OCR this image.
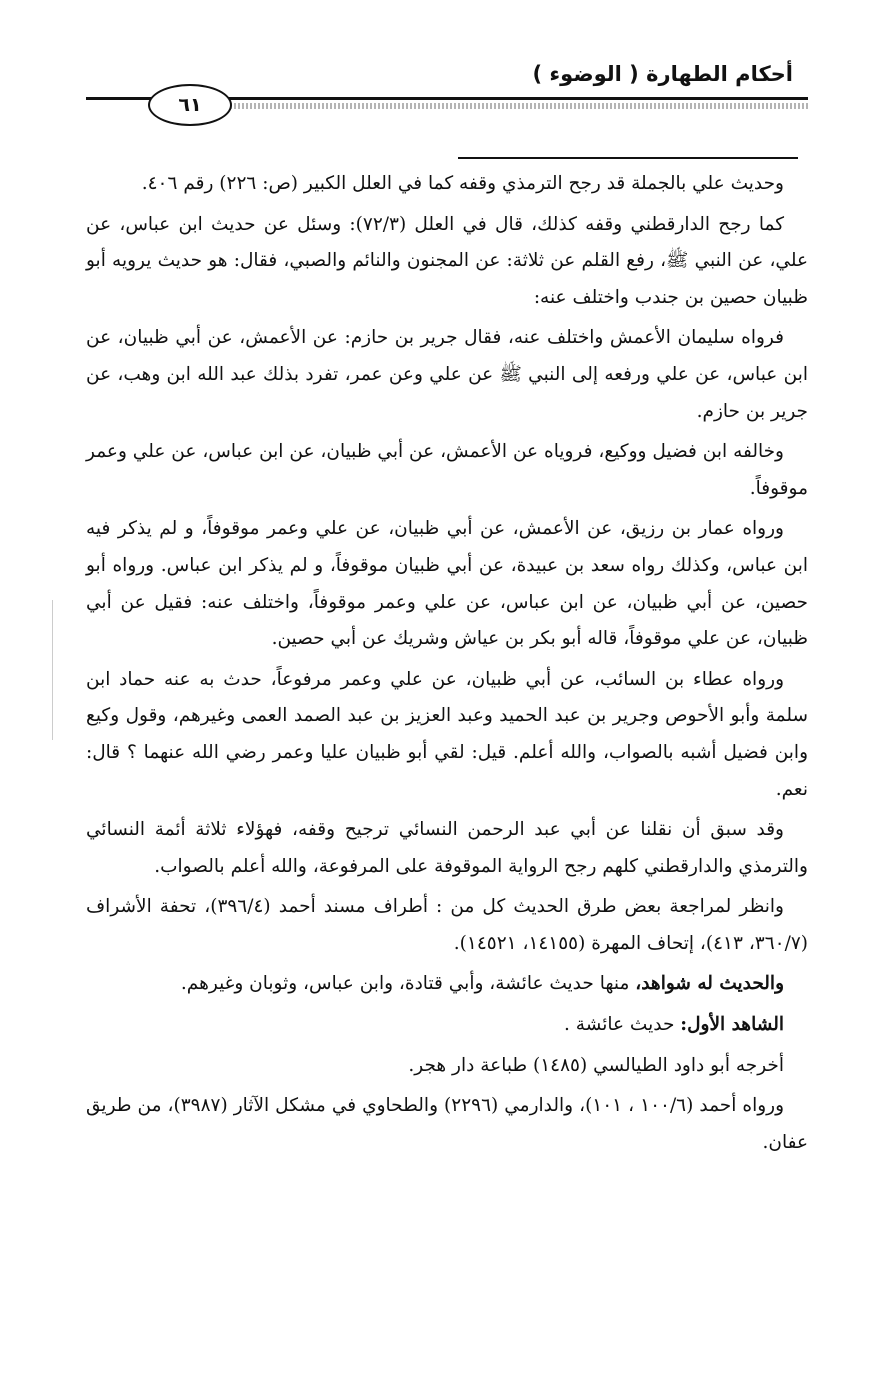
أحكام الطهارة ( الوضوء )
٦١

وحديث علي بالجملة قد رجح الترمذي وقفه كما في العلل الكبير (ص: ٢٢٦) رقم ٤٠٦.

كما رجح الدارقطني وقفه كذلك، قال في العلل (٧٢/٣): وسئل عن حديث ابن عباس، عن علي، عن النبي ﷺ، رفع القلم عن ثلاثة: عن المجنون والنائم والصبي، فقال: هو حديث يرويه أبو ظبيان حصين بن جندب واختلف عنه:

فرواه سليمان الأعمش واختلف عنه، فقال جرير بن حازم: عن الأعمش، عن أبي ظبيان، عن ابن عباس، عن علي ورفعه إلى النبي ﷺ عن علي وعن عمر، تفرد بذلك عبد الله ابن وهب، عن جرير بن حازم.

وخالفه ابن فضيل ووكيع، فروياه عن الأعمش، عن أبي ظبيان، عن ابن عباس، عن علي وعمر موقوفاً.

ورواه عمار بن رزيق، عن الأعمش، عن أبي ظبيان، عن علي وعمر موقوفاً، و لم يذكر فيه ابن عباس، وكذلك رواه سعد بن عبيدة، عن أبي ظبيان موقوفاً، و لم يذكر ابن عباس. ورواه أبو حصين، عن أبي ظبيان، عن ابن عباس، عن علي وعمر موقوفاً، واختلف عنه: فقيل عن أبي ظبيان، عن علي موقوفاً، قاله أبو بكر بن عياش وشريك عن أبي حصين.

ورواه عطاء بن السائب، عن أبي ظبيان، عن علي وعمر مرفوعاً، حدث به عنه حماد ابن سلمة وأبو الأحوص وجرير بن عبد الحميد وعبد العزيز بن عبد الصمد العمى وغيرهم، وقول وكيع وابن فضيل أشبه بالصواب، والله أعلم. قيل: لقي أبو ظبيان عليا وعمر رضي الله عنهما ؟ قال: نعم.

وقد سبق أن نقلنا عن أبي عبد الرحمن النسائي ترجيح وقفه، فهؤلاء ثلاثة أئمة النسائي والترمذي والدارقطني كلهم رجح الرواية الموقوفة على المرفوعة، والله أعلم بالصواب.

وانظر لمراجعة بعض طرق الحديث كل من : أطراف مسند أحمد (٣٩٦/٤)، تحفة الأشراف (٣٦٠/٧، ٤١٣)، إتحاف المهرة (١٤١٥٥، ١٤٥٢١).

والحديث له شواهد، منها حديث عائشة، وأبي قتادة، وابن عباس، وثوبان وغيرهم.

الشاهد الأول: حديث عائشة .

أخرجه أبو داود الطيالسي (١٤٨٥) طباعة دار هجر.

ورواه أحمد (١٠٠/٦ ، ١٠١)، والدارمي (٢٢٩٦) والطحاوي في مشكل الآثار (٣٩٨٧)، من طريق عفان.
